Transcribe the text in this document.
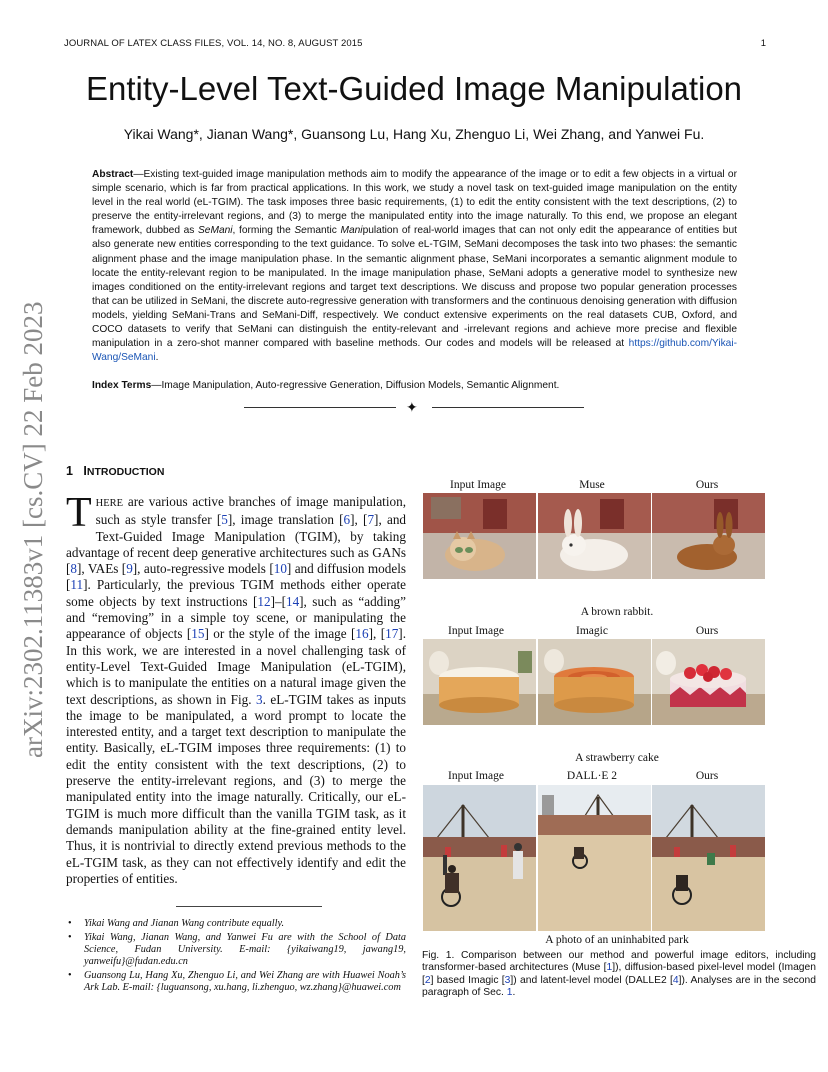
JOURNAL OF LATEX CLASS FILES, VOL. 14, NO. 8, AUGUST 2015	1
Entity-Level Text-Guided Image Manipulation
Yikai Wang*, Jianan Wang*, Guansong Lu, Hang Xu, Zhenguo Li, Wei Zhang, and Yanwei Fu.
Abstract—Existing text-guided image manipulation methods aim to modify the appearance of the image or to edit a few objects in a virtual or simple scenario, which is far from practical applications. In this work, we study a novel task on text-guided image manipulation on the entity level in the real world (eL-TGIM). The task imposes three basic requirements, (1) to edit the entity consistent with the text descriptions, (2) to preserve the entity-irrelevant regions, and (3) to merge the manipulated entity into the image naturally. To this end, we propose an elegant framework, dubbed as SeMani, forming the Semantic Manipulation of real-world images that can not only edit the appearance of entities but also generate new entities corresponding to the text guidance. To solve eL-TGIM, SeMani decomposes the task into two phases: the semantic alignment phase and the image manipulation phase. In the semantic alignment phase, SeMani incorporates a semantic alignment module to locate the entity-relevant region to be manipulated. In the image manipulation phase, SeMani adopts a generative model to synthesize new images conditioned on the entity-irrelevant regions and target text descriptions. We discuss and propose two popular generation processes that can be utilized in SeMani, the discrete auto-regressive generation with transformers and the continuous denoising generation with diffusion models, yielding SeMani-Trans and SeMani-Diff, respectively. We conduct extensive experiments on the real datasets CUB, Oxford, and COCO datasets to verify that SeMani can distinguish the entity-relevant and -irrelevant regions and achieve more precise and flexible manipulation in a zero-shot manner compared with baseline methods. Our codes and models will be released at https://github.com/Yikai-Wang/SeMani.
Index Terms—Image Manipulation, Auto-regressive Generation, Diffusion Models, Semantic Alignment.
✦
arXiv:2302.11383v1 [cs.CV] 22 Feb 2023 1 INTRODUCTION
THERE are various active branches of image manipulation, such as style transfer [5], image translation [6], [7], and Text-Guided Image Manipulation (TGIM), by taking advantage of recent deep generative architectures such as GANs [8], VAEs [9], auto-regressive models [10] and diffusion models [11]. Particularly, the previous TGIM methods either operate some objects by text instructions [12]–[14], such as “adding” and “removing” in a simple toy scene, or manipulating the appearance of objects [15] or the style of the image [16], [17]. In this work, we are interested in a novel challenging task of entity-Level Text-Guided Image Manipulation (eL-TGIM), which is to manipulate the entities on a natural image given the text descriptions, as shown in Fig. 3. eL-TGIM takes as inputs the image to be manipulated, a word prompt to locate the interested entity, and a target text description to manipulate the entity. Basically, eL-TGIM imposes three requirements: (1) to edit the entity consistent with the text descriptions, (2) to preserve the entity-irrelevant regions, and (3) to merge the manipulated entity into the image naturally. Critically, our eL-TGIM is much more difficult than the vanilla TGIM task, as it demands manipulation ability at the fine-grained entity level. Thus, it is nontrivial to directly extend previous methods to the eL-TGIM task, as they can not effectively identify and edit the properties of entities.
• Yikai Wang and Jianan Wang contribute equally.
• Yikai Wang, Jianan Wang, and Yanwei Fu are with the School of Data Science, Fudan University. E-mail: {yikaiwang19, jawang19, yanweifu}@fudan.edu.cn
• Guansong Lu, Hang Xu, Zhenguo Li, and Wei Zhang are with Huawei Noah’s Ark Lab. E-mail: {luguansong, xu.hang, li.zhenguo, wz.zhang}@huawei.com
Input Image	Muse	Ours
A brown rabbit.
Input Image	Imagic	Ours
A strawberry cake
Input Image	DALL·E 2	Ours
A photo of an uninhabited park
Fig. 1. Comparison between our method and powerful image editors, including transformer-based architectures (Muse [1]), diffusion-based pixel-level model (Imagen [2] based Imagic [3]) and latent-level model (DALLE2 [4]). Analyses are in the second paragraph of Sec. 1.
